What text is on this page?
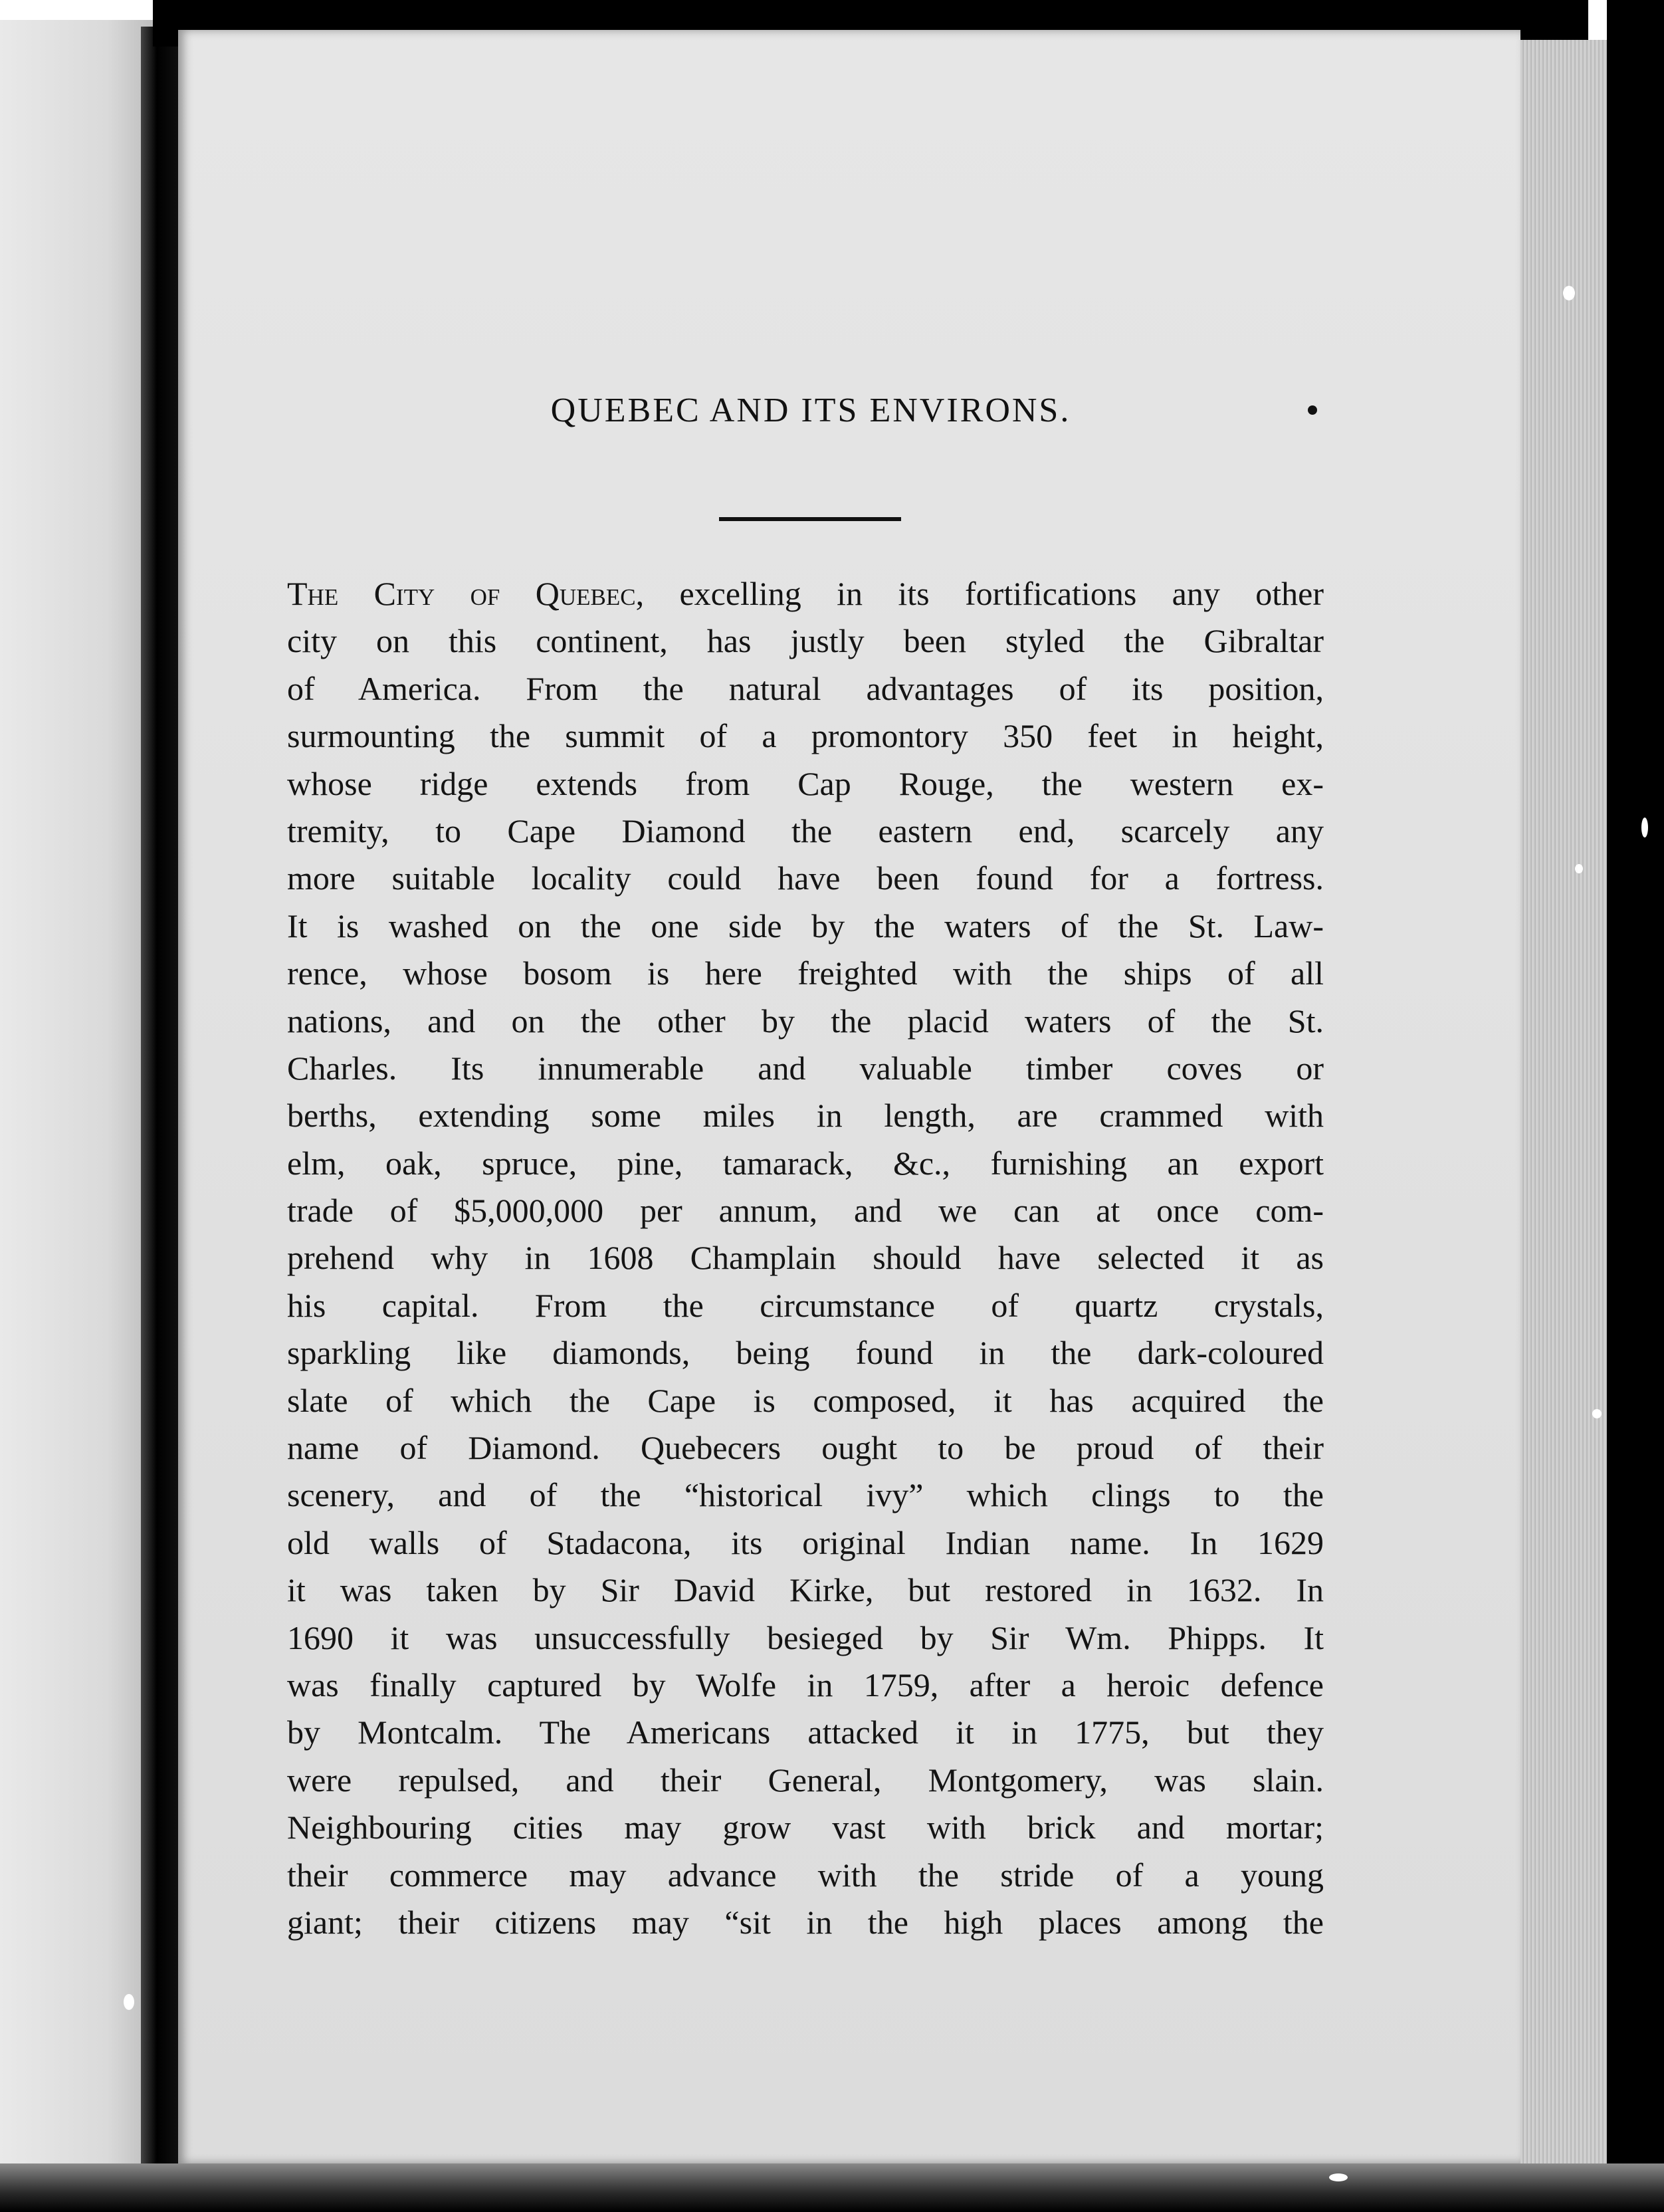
QUEBEC AND ITS ENVIRONS.
The City of Quebec, excelling in its fortifications any other
city on this continent, has justly been styled the Gibraltar
of America. From the natural advantages of its position,
surmounting the summit of a promontory 350 feet in height,
whose ridge extends from Cap Rouge, the western ex-
tremity, to Cape Diamond the eastern end, scarcely any
more suitable locality could have been found for a fortress.
It is washed on the one side by the waters of the St. Law-
rence, whose bosom is here freighted with the ships of all
nations, and on the other by the placid waters of the St.
Charles. Its innumerable and valuable timber coves or
berths, extending some miles in length, are crammed with
elm, oak, spruce, pine, tamarack, &c., furnishing an export
trade of $5,000,000 per annum, and we can at once com-
prehend why in 1608 Champlain should have selected it as
his capital. From the circumstance of quartz crystals,
sparkling like diamonds, being found in the dark-coloured
slate of which the Cape is composed, it has acquired the
name of Diamond. Quebecers ought to be proud of their
scenery, and of the “historical ivy” which clings to the
old walls of Stadacona, its original Indian name. In 1629
it was taken by Sir David Kirke, but restored in 1632. In
1690 it was unsuccessfully besieged by Sir Wm. Phipps. It
was finally captured by Wolfe in 1759, after a heroic defence
by Montcalm. The Americans attacked it in 1775, but they
were repulsed, and their General, Montgomery, was slain.
Neighbouring cities may grow vast with brick and mortar;
their commerce may advance with the stride of a young
giant; their citizens may “sit in the high places among the
